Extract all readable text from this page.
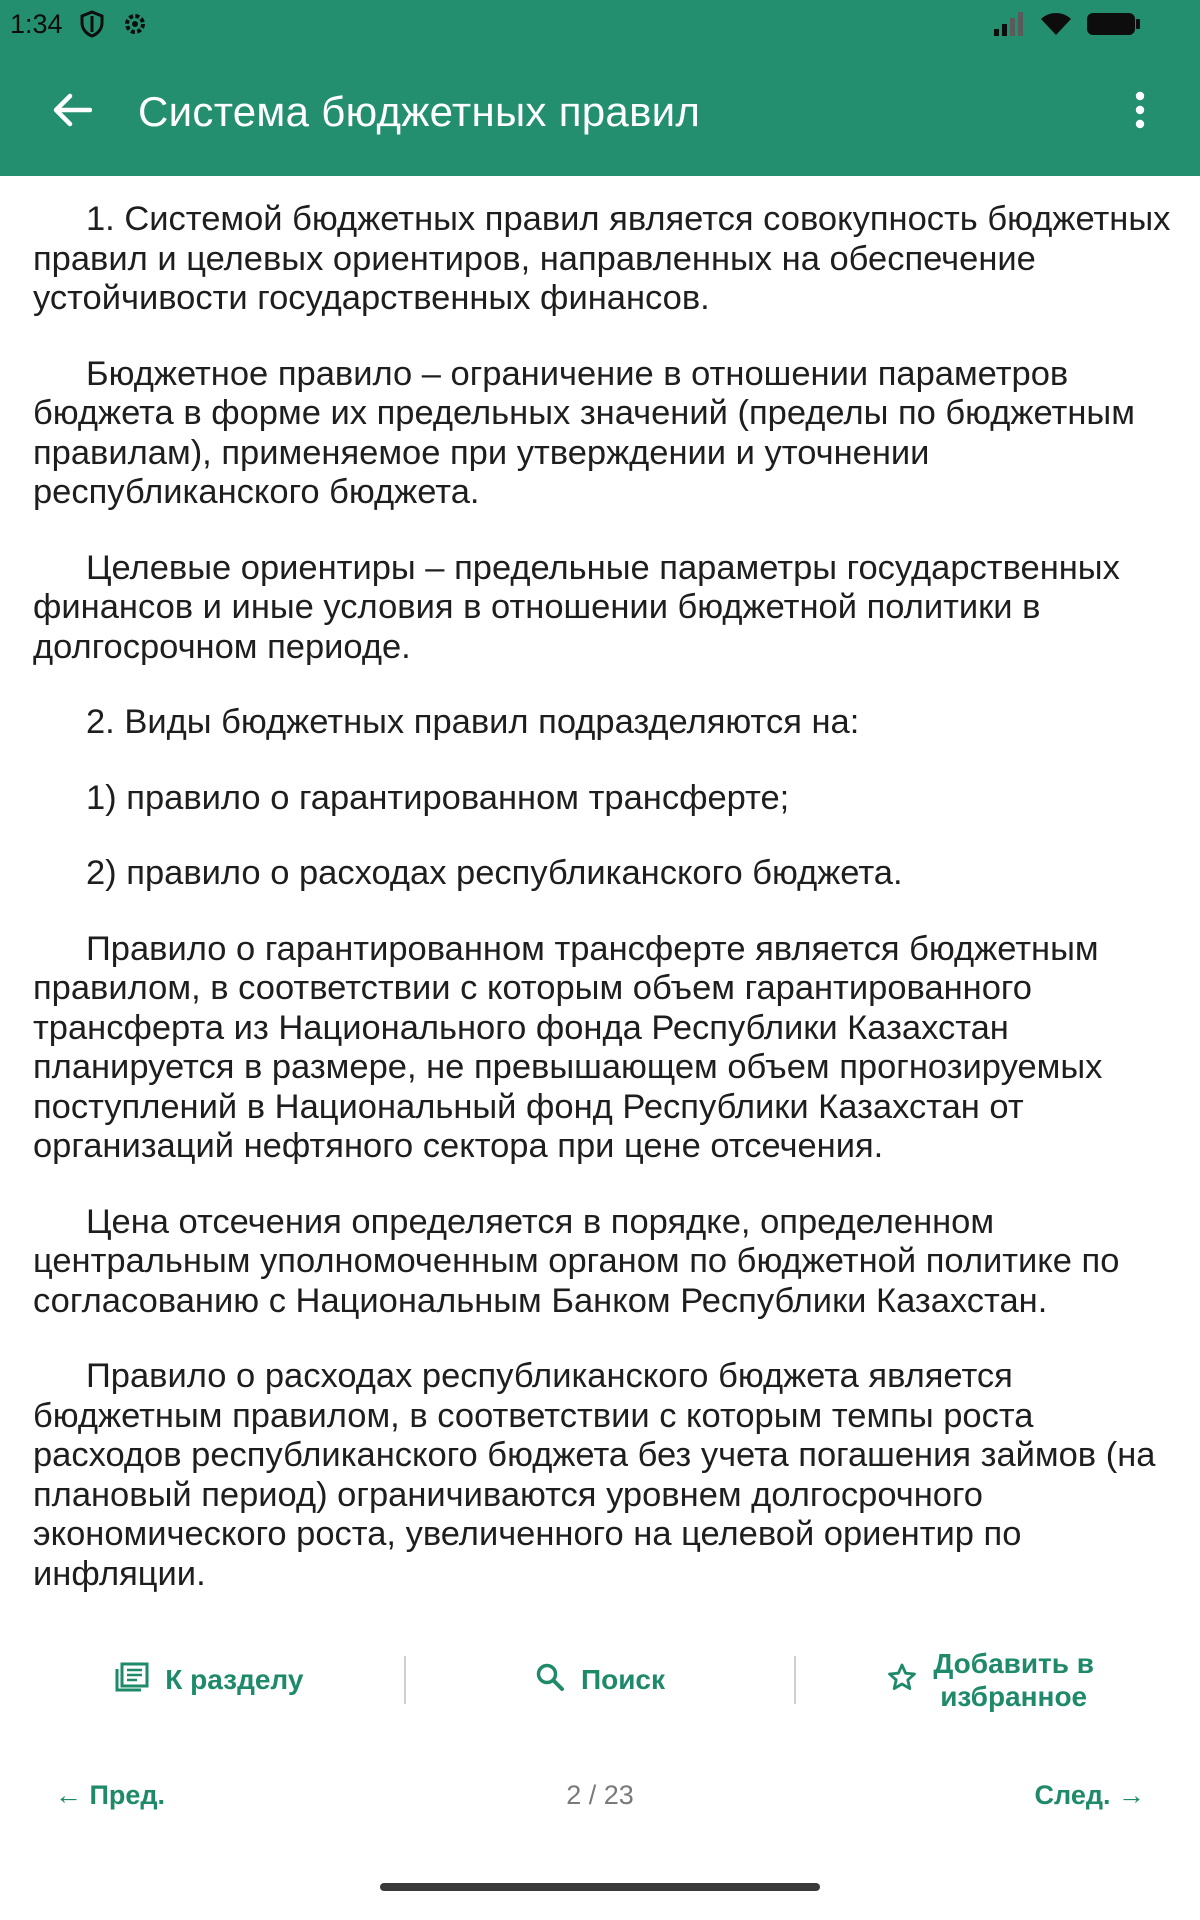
1:34
Система бюджетных правил

1. Системой бюджетных правил является совокупность бюджетных правил и целевых ориентиров, направленных на обеспечение устойчивости государственных финансов.

Бюджетное правило – ограничение в отношении параметров бюджета в форме их предельных значений (пределы по бюджетным правилам), применяемое при утверждении и уточнении республиканского бюджета.

Целевые ориентиры – предельные параметры государственных финансов и иные условия в отношении бюджетной политики в долгосрочном периоде.

2. Виды бюджетных правил подразделяются на:

1) правило о гарантированном трансферте;

2) правило о расходах республиканского бюджета.

Правило о гарантированном трансферте является бюджетным правилом, в соответствии с которым объем гарантированного трансферта из Национального фонда Республики Казахстан планируется в размере, не превышающем объем прогнозируемых поступлений в Национальный фонд Республики Казахстан от организаций нефтяного сектора при цене отсечения.

Цена отсечения определяется в порядке, определенном центральным уполномоченным органом по бюджетной политике по согласованию с Национальным Банком Республики Казахстан.

Правило о расходах республиканского бюджета является бюджетным правилом, в соответствии с которым темпы роста расходов республиканского бюджета без учета погашения займов (на плановый период) ограничиваются уровнем долгосрочного экономического роста, увеличенного на целевой ориентир по инфляции.

К разделу	Поиск
Добавить в
избранное
2 / 23
← Пред.	След. →
